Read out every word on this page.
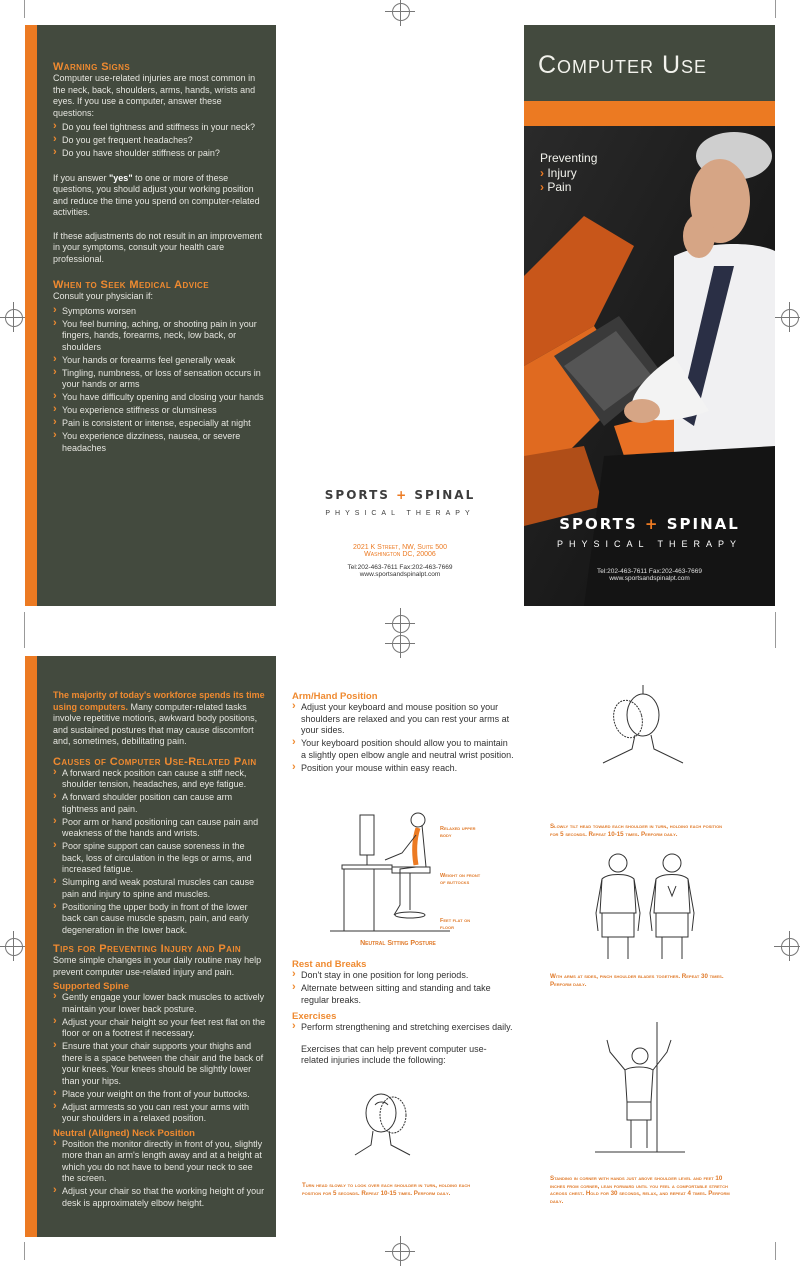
Warning Signs

Computer use-related injuries are most common in the neck, back, shoulders, arms, hands, wrists and eyes. If you use a computer, answer these questions:

› Do you feel tightness and stiffness in your neck?
› Do you get frequent headaches?
› Do you have shoulder stiffness or pain?

If you answer "yes" to one or more of these questions, you should adjust your working position and reduce the time you spend on computer-related activities.

If these adjustments do not result in an improvement in your symptoms, consult your health care professional.

When to Seek Medical Advice

Consult your physician if:

› Symptoms worsen
› You feel burning, aching, or shooting pain in your fingers, hands, forearms, neck, low back, or shoulders
› Your hands or forearms feel generally weak
› Tingling, numbness, or loss of sensation occurs in your hands or arms
› You have difficulty opening and closing your hands
› You experience stiffness or clumsiness
› Pain is consistent or intense, especially at night
› You experience dizziness, nausea, or severe headaches
SPORTS + SPINAL
PHYSICAL THERAPY
2021 K Street, NW, Suite 500
Washington DC, 20006
Tel:202-463-7611 Fax:202-463-7669
www.sportsandspinalpt.com
Computer Use
Preventing
› Injury
› Pain
SPORTS + SPINAL
PHYSICAL THERAPY
Tel:202-463-7611 Fax:202-463-7669
www.sportsandspinalpt.com

The majority of today's workforce spends its time using computers. Many computer-related tasks involve repetitive motions, awkward body positions, and sustained postures that may cause discomfort and, sometimes, debilitating pain.

Causes of Computer Use-Related Pain

› A forward neck position can cause a stiff neck, shoulder tension, headaches, and eye fatigue.
› A forward shoulder position can cause arm tightness and pain.
› Poor arm or hand positioning can cause pain and weakness of the hands and wrists.
› Poor spine support can cause soreness in the back, loss of circulation in the legs or arms, and increased fatigue.
› Slumping and weak postural muscles can cause pain and injury to spine and muscles.
› Positioning the upper body in front of the lower back can cause muscle spasm, pain, and early degeneration in the lower back.

Tips for Preventing Injury and Pain

Some simple changes in your daily routine may help prevent computer use-related injury and pain.

Supported Spine

› Gently engage your lower back muscles to actively maintain your lower back posture.
› Adjust your chair height so your feet rest flat on the floor or on a footrest if necessary.
› Ensure that your chair supports your thighs and there is a space between the chair and the back of your knees. Your knees should be slightly lower than your hips.
› Place your weight on the front of your buttocks.
› Adjust armrests so you can rest your arms with your shoulders in a relaxed position.

Neutral (Aligned) Neck Position

› Position the monitor directly in front of you, slightly more than an arm's length away and at a height at which you do not have to bend your neck to see the screen.
› Adjust your chair so that the working height of your desk is approximately elbow height.

Arm/Hand Position

› Adjust your keyboard and mouse position so your shoulders are relaxed and you can rest your arms at your sides.
› Your keyboard position should allow you to maintain a slightly open elbow angle and neutral wrist position.
› Position your mouse within easy reach.
Relaxed upper body
Weight on front of buttocks
Feet flat on floor
Neutral Sitting Posture

Rest and Breaks

› Don't stay in one position for long periods.
› Alternate between sitting and standing and take regular breaks.

Exercises

› Perform strengthening and stretching exercises daily.

Exercises that can help prevent computer use-related injuries include the following:

Turn head slowly to look over each shoulder in turn, holding each position for 5 seconds. Repeat 10-15 times. Perform daily.
Slowly tilt head toward each shoulder in turn, holding each position for 5 seconds. Repeat 10-15 times. Perform daily.
With arms at sides, pinch shoulder blades together. Repeat 30 times. Perform daily.
Standing in corner with hands just above shoulder level and feet 10 inches from corner, lean forward until you feel a comfortable stretch across chest. Hold for 30 seconds, relax, and repeat 4 times. Perform daily.
